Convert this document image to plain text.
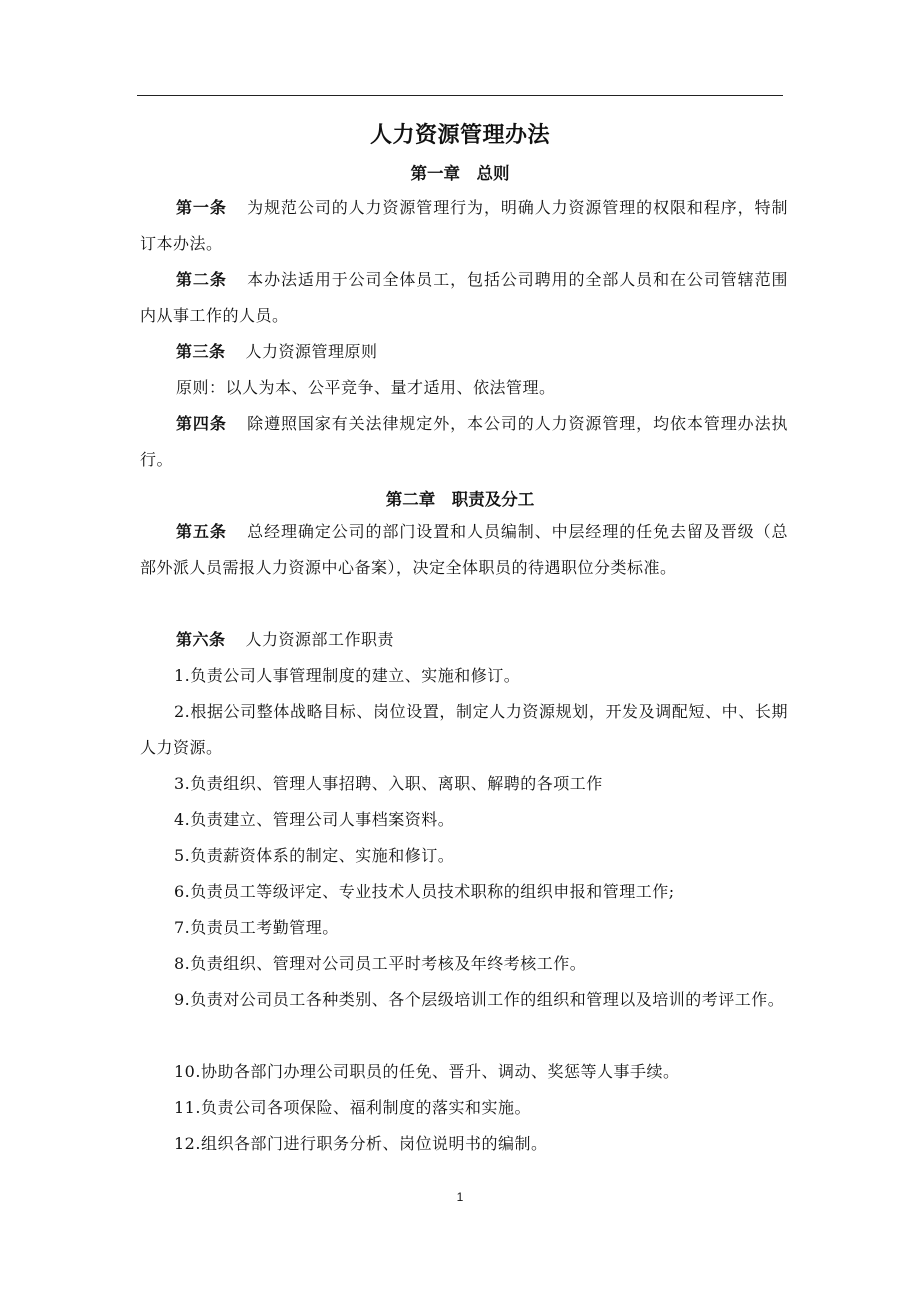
人力资源管理办法
第一章　总则

第一条 为规范公司的人力资源管理行为，明确人力资源管理的权限和程序，特制订本办法。

第二条 本办法适用于公司全体员工，包括公司聘用的全部人员和在公司管辖范围内从事工作的人员。

第三条 人力资源管理原则

原则：以人为本、公平竞争、量才适用、依法管理。

第四条 除遵照国家有关法律规定外，本公司的人力资源管理，均依本管理办法执行。

第二章　职责及分工

第五条 总经理确定公司的部门设置和人员编制、中层经理的任免去留及晋级（总部外派人员需报人力资源中心备案），决定全体职员的待遇职位分类标准。

第六条 人力资源部工作职责

1.负责公司人事管理制度的建立、实施和修订。

2.根据公司整体战略目标、岗位设置，制定人力资源规划，开发及调配短、中、长期人力资源。

3.负责组织、管理人事招聘、入职、离职、解聘的各项工作

4.负责建立、管理公司人事档案资料。

5.负责薪资体系的制定、实施和修订。

6.负责员工等级评定、专业技术人员技术职称的组织申报和管理工作;

7.负责员工考勤管理。

8.负责组织、管理对公司员工平时考核及年终考核工作。

9.负责对公司员工各种类别、各个层级培训工作的组织和管理以及培训的考评工作。

10.协助各部门办理公司职员的任免、晋升、调动、奖惩等人事手续。

11.负责公司各项保险、福利制度的落实和实施。

12.组织各部门进行职务分析、岗位说明书的编制。

1
